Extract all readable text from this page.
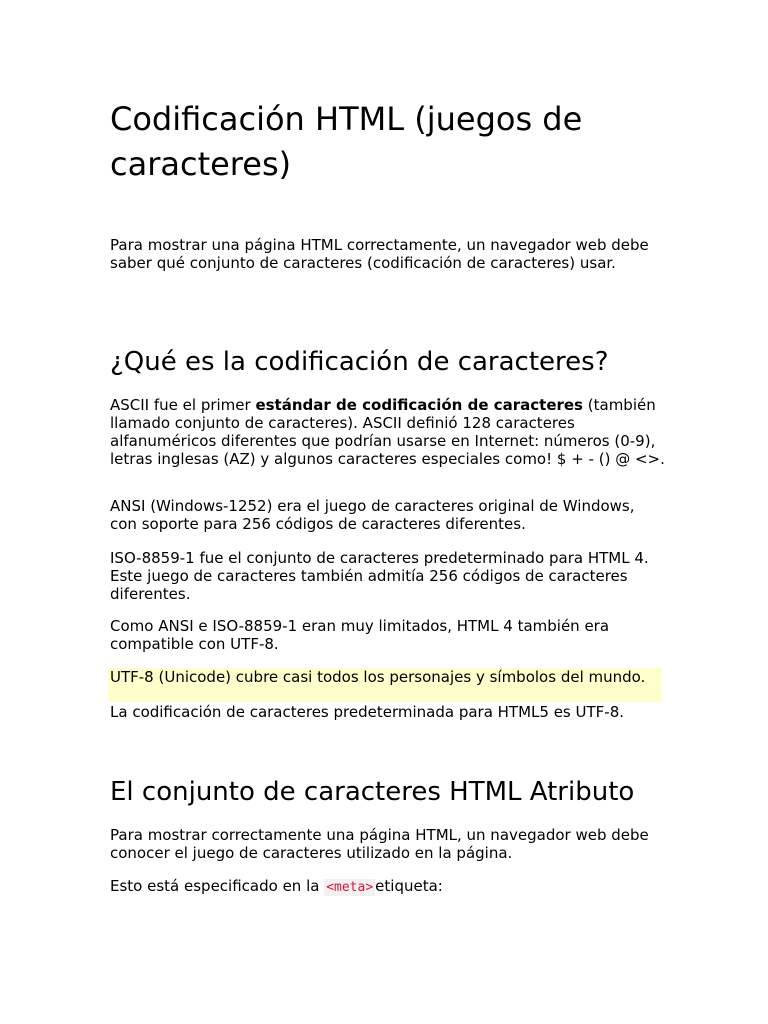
Codificación HTML (juegos de caracteres)

Para mostrar una página HTML correctamente, un navegador web debe saber qué conjunto de caracteres (codificación de caracteres) usar.

¿Qué es la codificación de caracteres?

ASCII fue el primer estándar de codificación de caracteres (también llamado conjunto de caracteres). ASCII definió 128 caracteres alfanuméricos diferentes que podrían usarse en Internet: números (0-9), letras inglesas (AZ) y algunos caracteres especiales como! $ + - () @ <>.

ANSI (Windows-1252) era el juego de caracteres original de Windows, con soporte para 256 códigos de caracteres diferentes.

ISO-8859-1 fue el conjunto de caracteres predeterminado para HTML 4. Este juego de caracteres también admitía 256 códigos de caracteres diferentes.

Como ANSI e ISO-8859-1 eran muy limitados, HTML 4 también era compatible con UTF-8.

UTF-8 (Unicode) cubre casi todos los personajes y símbolos del mundo.

La codificación de caracteres predeterminada para HTML5 es UTF-8.

El conjunto de caracteres HTML Atributo

Para mostrar correctamente una página HTML, un navegador web debe conocer el juego de caracteres utilizado en la página.

Esto está especificado en la <meta> etiqueta:
